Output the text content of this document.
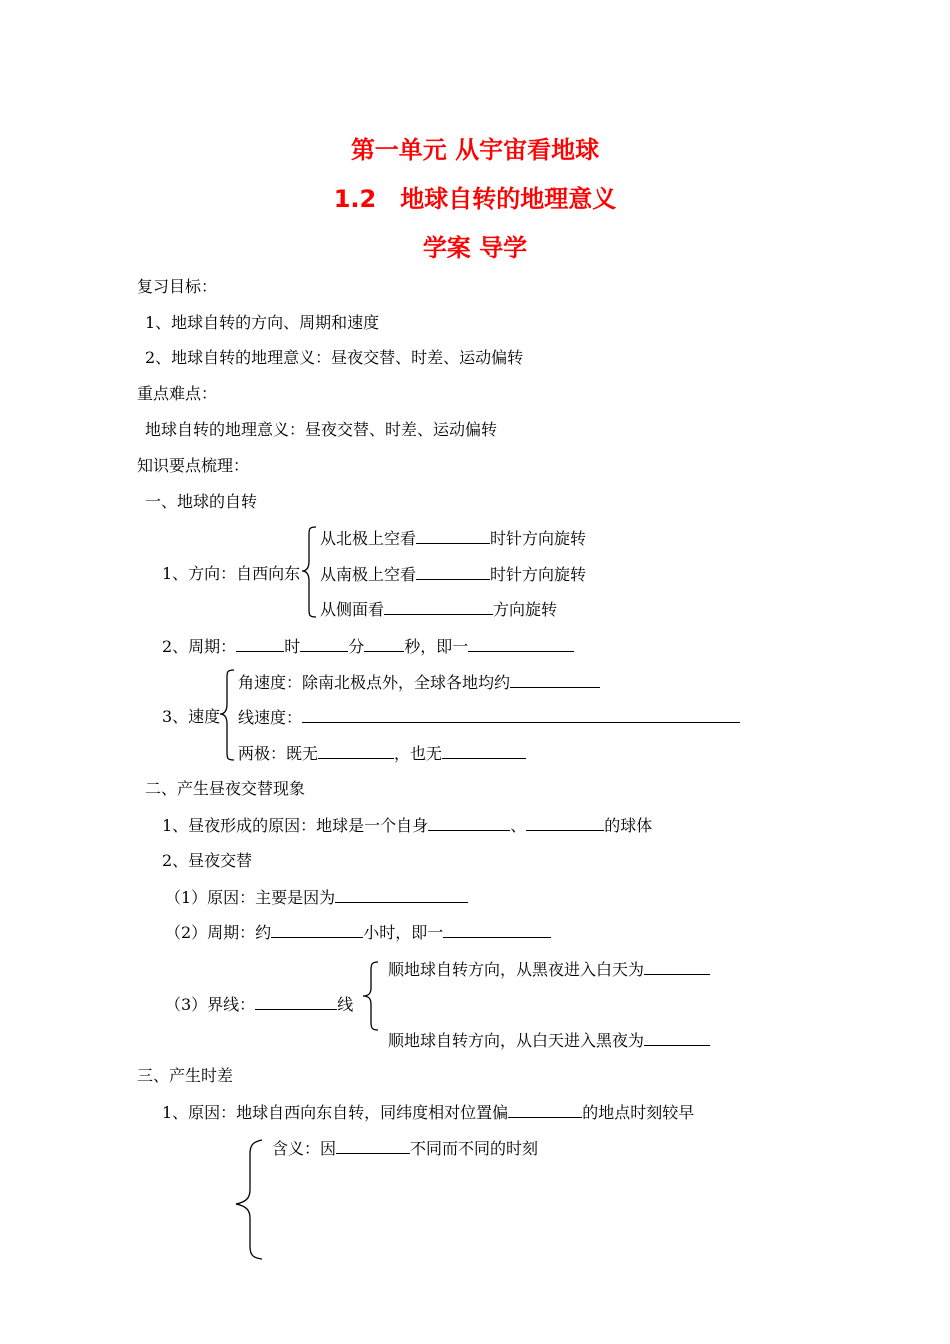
第一单元 从宇宙看地球
1.2　地球自转的地理意义
学案 导学
复习目标：
1、地球自转的方向、周期和速度
2、地球自转的地理意义：昼夜交替、时差、运动偏转
重点难点：
地球自转的地理意义：昼夜交替、时差、运动偏转
知识要点梳理：
一、地球的自转
1、方向：自西向东
从北极上空看	时针方向旋转
从南极上空看	时针方向旋转
从侧面看	方向旋转
2、周期：	时	分	秒，即一
3、速度
角速度：除南北极点外，全球各地均约
线速度：
两极：既无	，也无
二、产生昼夜交替现象
1、昼夜形成的原因：地球是一个自身	、	的球体
2、昼夜交替
（1）原因：主要是因为
（2）周期：约	小时，即一
（3）界线：	线
顺地球自转方向，从黑夜进入白天为
顺地球自转方向，从白天进入黑夜为
三、产生时差
1、原因：地球自西向东自转，同纬度相对位置偏	的地点时刻较早
含义：因	不同而不同的时刻
